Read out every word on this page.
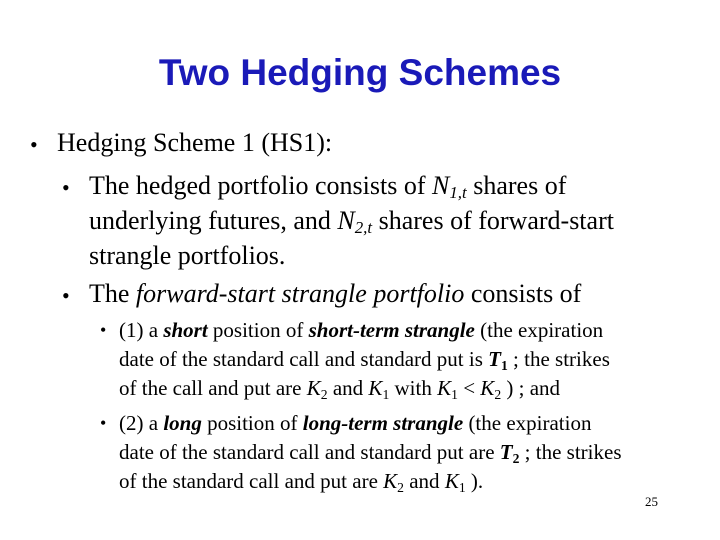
Two Hedging Schemes
• Hedging Scheme 1 (HS1):
• The hedged portfolio consists of $N_{1,t}$ shares of
underlying futures, and $N_{2,t}$ shares of forward-start
strangle portfolios.
• The forward-start strangle portfolio consists of
• (1) a short position of short-term strangle (the expiration
date of the standard call and standard put is $T_1$ ; the strikes
of the call and put are $K_2$ and $K_1$ with $K_1 < K_2$ ) ; and
• (2) a long position of long-term strangle (the expiration
date of the standard call and standard put are $T_2$ ; the strikes
of the standard call and put are $K_2$ and $K_1$ ).
25
